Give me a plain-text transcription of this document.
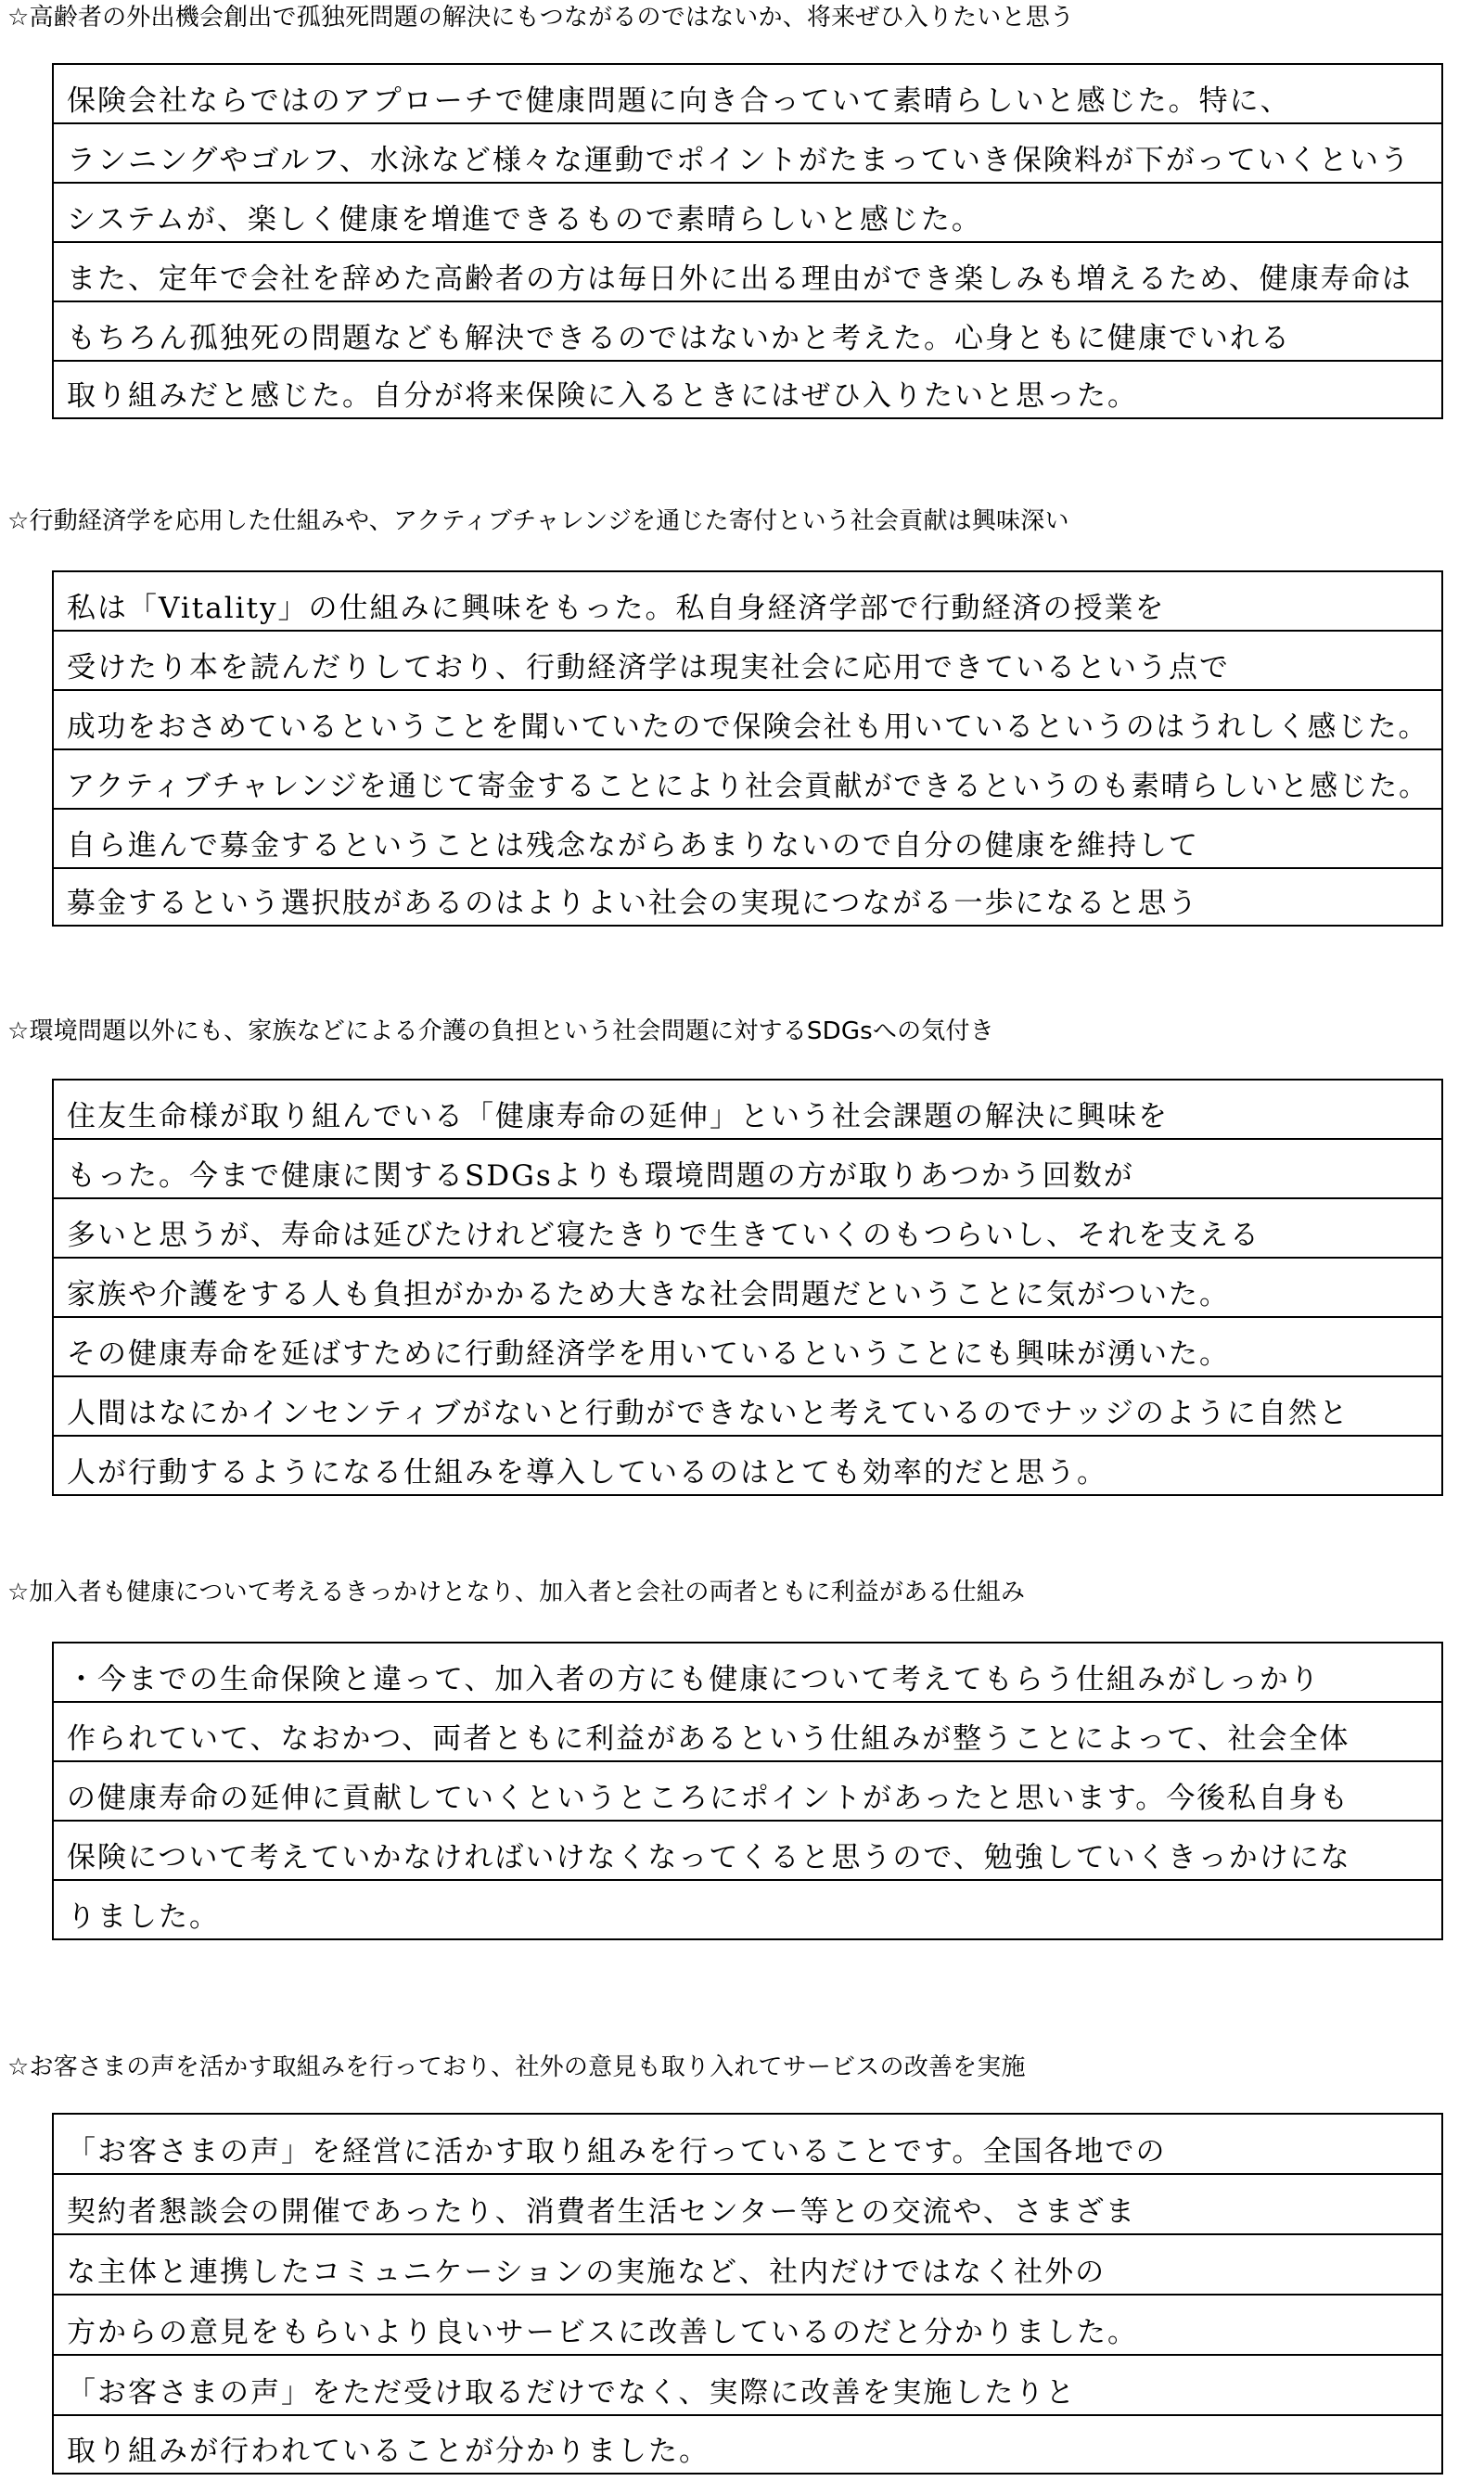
☆高齢者の外出機会創出で孤独死問題の解決にもつながるのではないか、将来ぜひ入りたいと思う
保険会社ならではのアプローチで健康問題に向き合っていて素晴らしいと感じた。特に、
ランニングやゴルフ、水泳など様々な運動でポイントがたまっていき保険料が下がっていくという
システムが、楽しく健康を増進できるもので素晴らしいと感じた。
また、定年で会社を辞めた高齢者の方は毎日外に出る理由ができ楽しみも増えるため、健康寿命は
もちろん孤独死の問題なども解決できるのではないかと考えた。心身ともに健康でいれる
取り組みだと感じた。自分が将来保険に入るときにはぜひ入りたいと思った。
☆行動経済学を応用した仕組みや、アクティブチャレンジを通じた寄付という社会貢献は興味深い
私は「Vitality」の仕組みに興味をもった。私自身経済学部で行動経済の授業を
受けたり本を読んだりしており、行動経済学は現実社会に応用できているという点で
成功をおさめているということを聞いていたので保険会社も用いているというのはうれしく感じた。
アクティブチャレンジを通じて寄金することにより社会貢献ができるというのも素晴らしいと感じた。
自ら進んで募金するということは残念ながらあまりないので自分の健康を維持して
募金するという選択肢があるのはよりよい社会の実現につながる一歩になると思う
☆環境問題以外にも、家族などによる介護の負担という社会問題に対するSDGsへの気付き
住友生命様が取り組んでいる「健康寿命の延伸」という社会課題の解決に興味を
もった。今まで健康に関するSDGsよりも環境問題の方が取りあつかう回数が
多いと思うが、寿命は延びたけれど寝たきりで生きていくのもつらいし、それを支える
家族や介護をする人も負担がかかるため大きな社会問題だということに気がついた。
その健康寿命を延ばすために行動経済学を用いているということにも興味が湧いた。
人間はなにかインセンティブがないと行動ができないと考えているのでナッジのように自然と
人が行動するようになる仕組みを導入しているのはとても効率的だと思う。
☆加入者も健康について考えるきっかけとなり、加入者と会社の両者ともに利益がある仕組み
・今までの生命保険と違って、加入者の方にも健康について考えてもらう仕組みがしっかり
作られていて、なおかつ、両者ともに利益があるという仕組みが整うことによって、社会全体
の健康寿命の延伸に貢献していくというところにポイントがあったと思います。今後私自身も
保険について考えていかなければいけなくなってくると思うので、勉強していくきっかけにな
りました。
☆お客さまの声を活かす取組みを行っており、社外の意見も取り入れてサービスの改善を実施
「お客さまの声」を経営に活かす取り組みを行っていることです。全国各地での
契約者懇談会の開催であったり、消費者生活センター等との交流や、さまざま
な主体と連携したコミュニケーションの実施など、社内だけではなく社外の
方からの意見をもらいより良いサービスに改善しているのだと分かりました。
「お客さまの声」をただ受け取るだけでなく、実際に改善を実施したりと
取り組みが行われていることが分かりました。
